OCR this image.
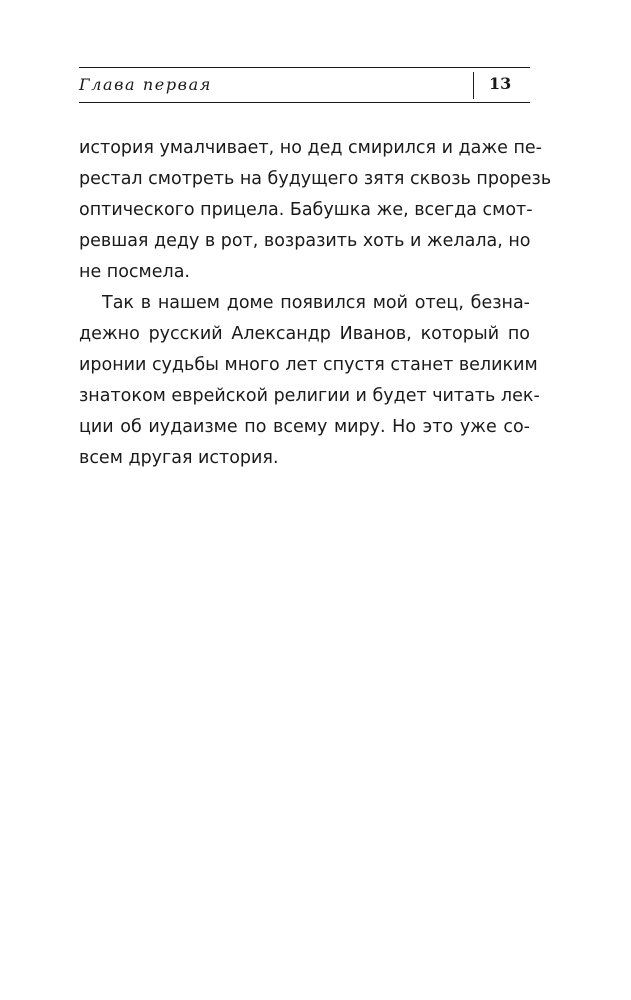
Глава первая	13
история умалчивает, но дед смирился и даже пе-
рестал смотреть на будущего зятя сквозь прорезь
оптического прицела. Бабушка же, всегда смот-
ревшая деду в рот, возразить хоть и желала, но
не посмела.
Так в нашем доме появился мой отец, безна-
дежно русский Александр Иванов, который по
иронии судьбы много лет спустя станет великим
знатоком еврейской религии и будет читать лек-
ции об иудаизме по всему миру. Но это уже со-
всем другая история.
